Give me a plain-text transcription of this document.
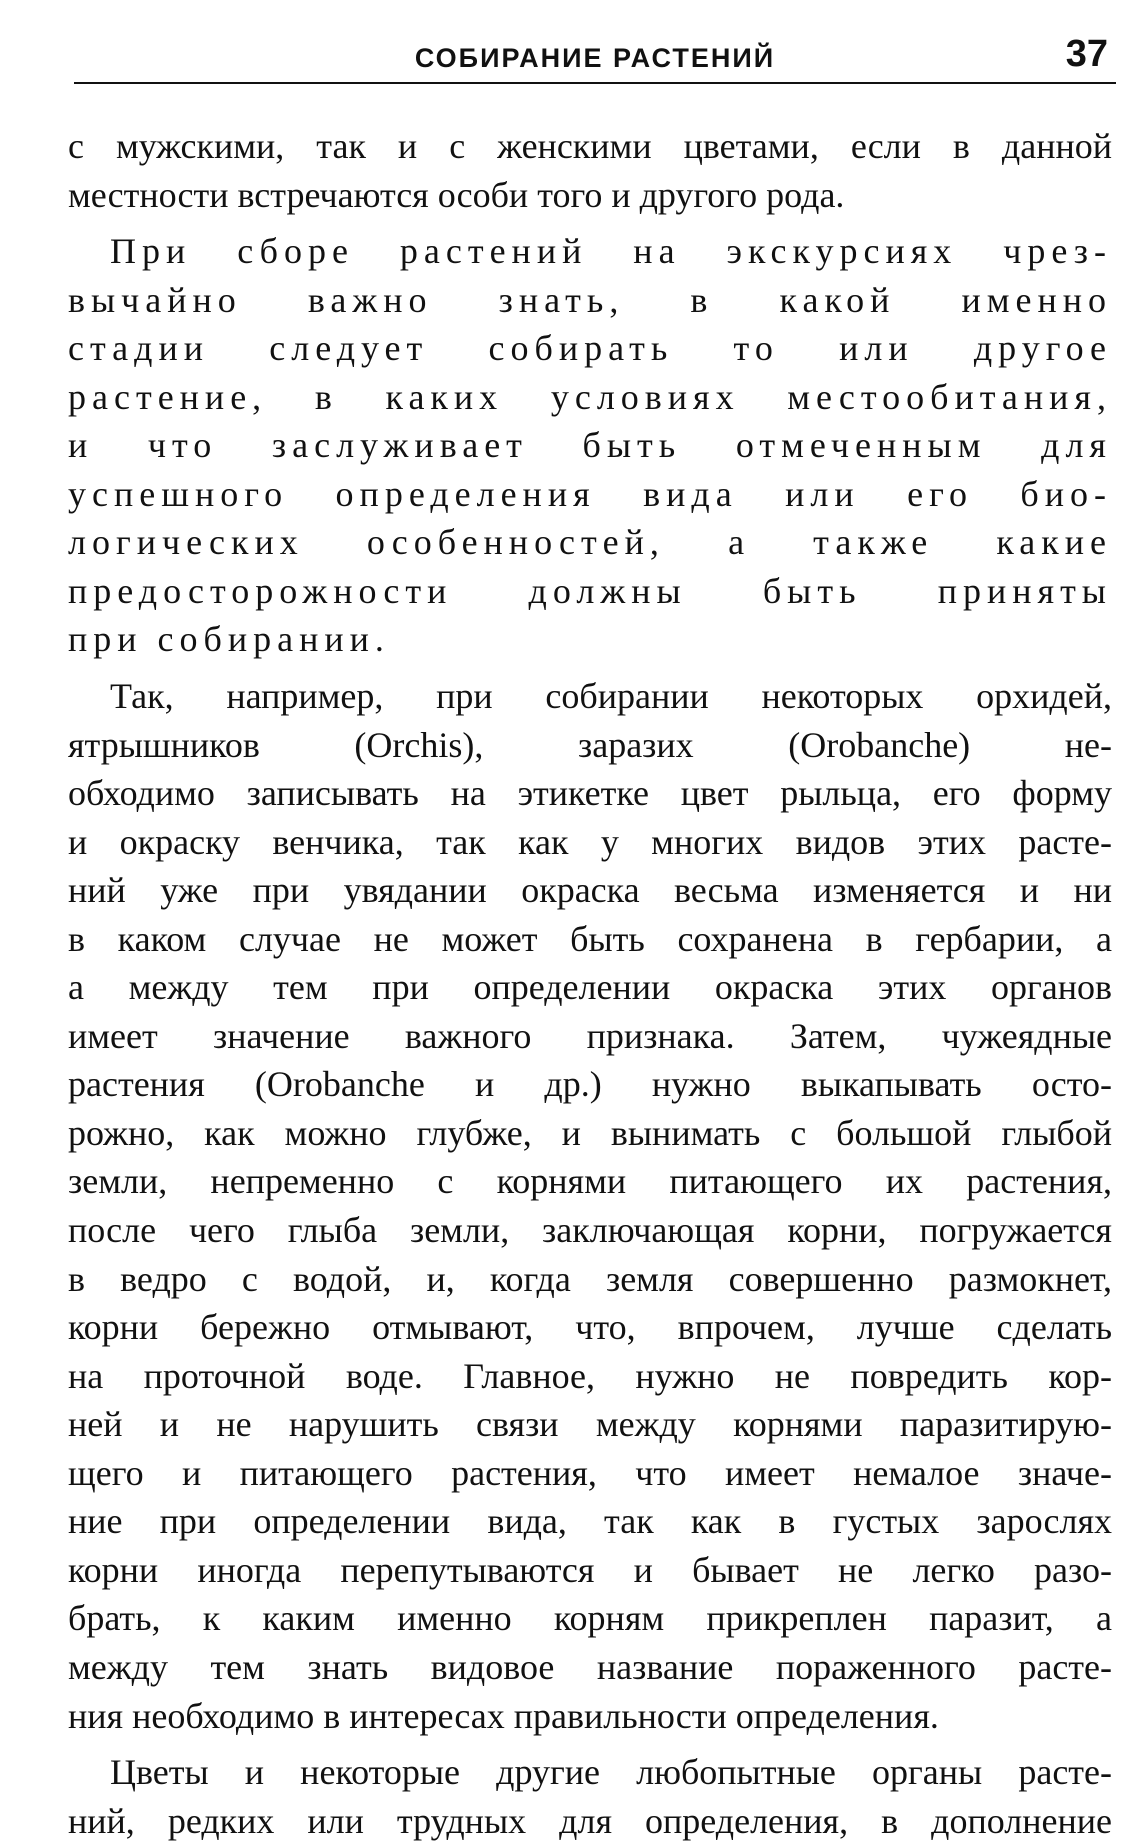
СОБИРАНИЕ РАСТЕНИЙ	37
с мужскими, так и с женскими цветами, если в данной
местности встречаются особи того и другого рода.
При сборе растений на экскурсиях чрез-
вычайно важно знать, в какой именно
стадии следует собирать то или другое
растение, в каких условиях местообитания,
и что заслуживает быть отмеченным для
успешного определения вида или его био-
логических особенностей, а также какие
предосторожности должны быть приняты
при собирании.
Так, например, при собирании некоторых орхидей,
ятрышников (Orchis), заразих (Orobanche) не-
обходимо записывать на этикетке цвет рыльца, его форму
и окраску венчика, так как у многих видов этих расте-
ний уже при увядании окраска весьма изменяется и ни
в каком случае не может быть сохранена в гербарии, а
а между тем при определении окраска этих органов
имеет значение важного признака. Затем, чужеядные
растения (Orobanche и др.) нужно выкапывать осто-
рожно, как можно глубже, и вынимать с большой глыбой
земли, непременно с корнями питающего их растения,
после чего глыба земли, заключающая корни, погружается
в ведро с водой, и, когда земля совершенно размокнет,
корни бережно отмывают, что, впрочем, лучше сделать
на проточной воде. Главное, нужно не повредить кор-
ней и не нарушить связи между корнями паразитирую-
щего и питающего растения, что имеет немалое значе-
ние при определении вида, так как в густых зарослях
корни иногда перепутываются и бывает не легко разо-
брать, к каким именно корням прикреплен паразит, а
между тем знать видовое название пораженного расте-
ния необходимо в интересах правильности определения.
Цветы и некоторые другие любопытные органы расте-
ний, редких или трудных для определения, в дополнение
